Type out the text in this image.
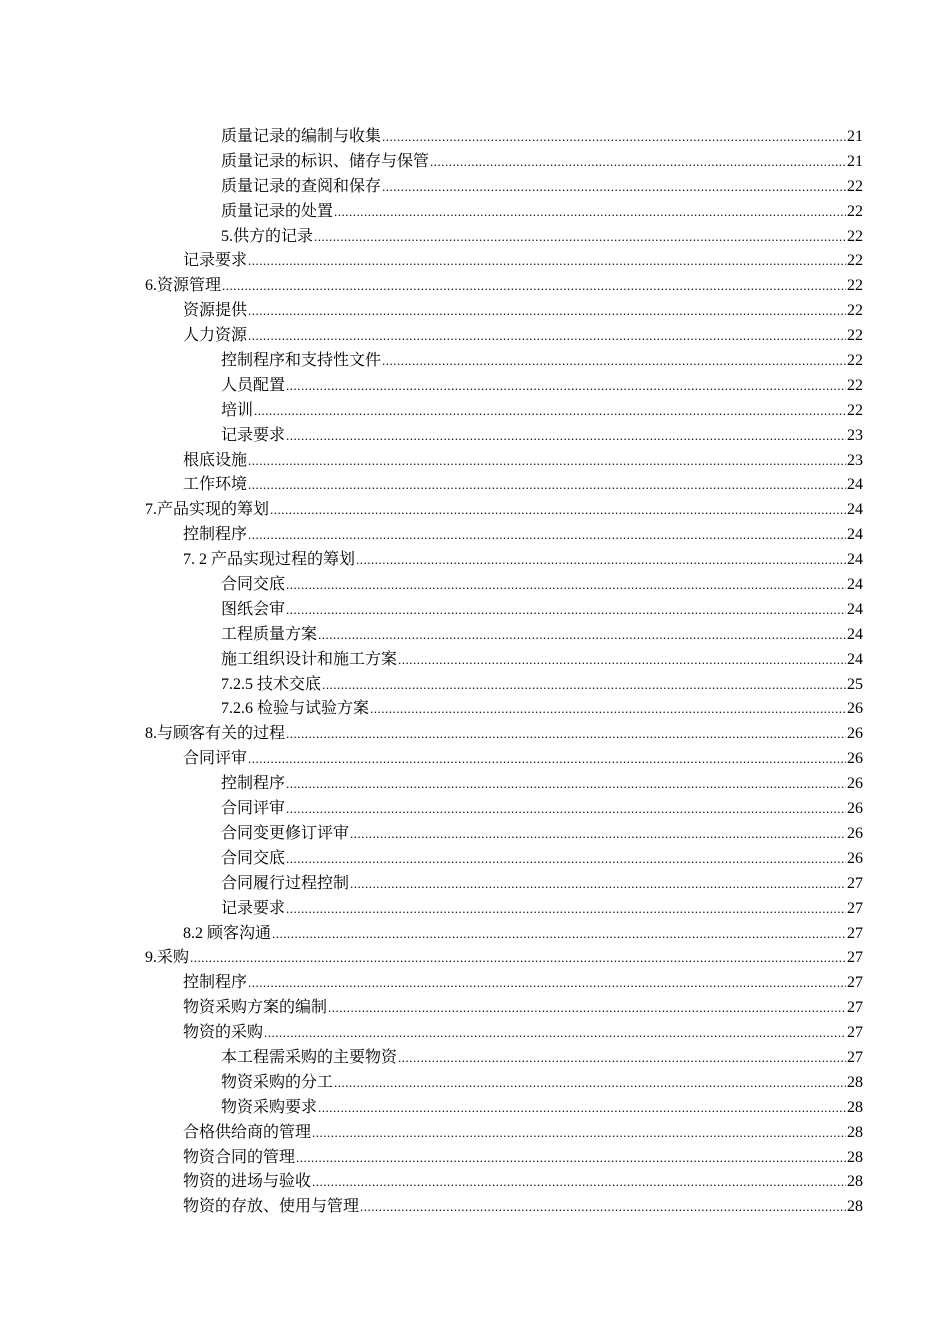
质量记录的编制与收集 .....	21
质量记录的标识、储存与保管 .....	21
质量记录的查阅和保存 .....	22
质量记录的处置 .....	22
5.供方的记录 .....	22
记录要求 .....	22
6.资源管理 .....	22
资源提供 .....	22
人力资源 .....	22
控制程序和支持性文件 .....	22
人员配置 .....	22
培训 .....	22
记录要求 .....	23
根底设施 .....	23
工作环境 .....	24
7.产品实现的筹划 .....	24
控制程序 .....	24
7. 2 产品实现过程的筹划 .....	24
合同交底 .....	24
图纸会审 .....	24
工程质量方案 .....	24
施工组织设计和施工方案 .....	24
7.2.5 技术交底 .....	25
7.2.6 检验与试验方案 .....	26
8.与顾客有关的过程 .....	26
合同评审 .....	26
控制程序 .....	26
合同评审 .....	26
合同变更修订评审 .....	26
合同交底 .....	26
合同履行过程控制 .....	27
记录要求 .....	27
8.2 顾客沟通 .....	27
9.采购 .....	27
控制程序 .....	27
物资采购方案的编制 .....	27
物资的采购 .....	27
本工程需采购的主要物资 .....	27
物资采购的分工 .....	28
物资采购要求 .....	28
合格供给商的管理 .....	28
物资合同的管理 .....	28
物资的进场与验收 .....	28
物资的存放、使用与管理 .....	28
